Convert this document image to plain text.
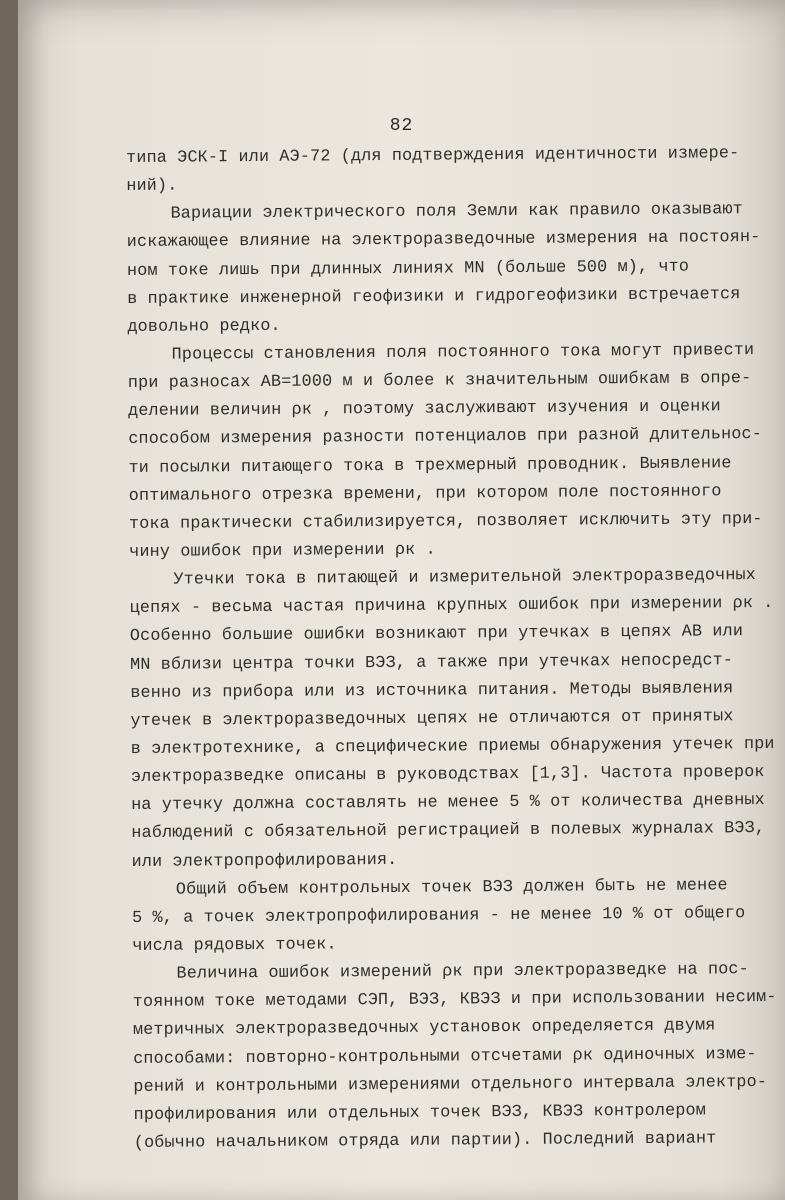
82
типа ЭСК-I или АЭ-72 (для подтверждения идентичности измере-
ний).
Вариации электрического поля Земли как правило оказывают
искажающее влияние на электроразведочные измерения на постоян-
ном токе лишь при длинных линиях MN (больше 500 м), что
в практике инженерной геофизики и гидрогеофизики встречается
довольно редко.
Процессы становления поля постоянного тока могут привести
при разносах АВ=1000 м и более к значительным ошибкам в опре-
делении величин ρк , поэтому заслуживают изучения и оценки
способом измерения разности потенциалов при разной длительнос-
ти посылки питающего тока в трехмерный проводник. Выявление
оптимального отрезка времени, при котором поле постоянного
тока практически стабилизируется, позволяет исключить эту при-
чину ошибок при измерении ρк .
Утечки тока в питающей и измерительной электроразведочных
цепях - весьма частая причина крупных ошибок при измерении ρк .
Особенно большие ошибки возникают при утечках в цепях АВ или
MN вблизи центра точки ВЭЗ, а также при утечках непосредст-
венно из прибора или из источника питания. Методы выявления
утечек в электроразведочных цепях не отличаются от принятых
в электротехнике, а специфические приемы обнаружения утечек при
электроразведке описаны в руководствах [1,3]. Частота проверок
на утечку должна составлять не менее 5 % от количества дневных
наблюдений с обязательной регистрацией в полевых журналах ВЭЗ,
или электропрофилирования.
Общий объем контрольных точек ВЭЗ должен быть не менее
5 %, а точек электропрофилирования - не менее 10 % от общего
числа рядовых точек.
Величина ошибок измерений ρк при электроразведке на пос-
тоянном токе методами СЭП, ВЭЗ, КВЭЗ и при использовании несим-
метричных электроразведочных установок определяется двумя
способами: повторно-контрольными отсчетами ρк одиночных изме-
рений и контрольными измерениями отдельного интервала электро-
профилирования или отдельных точек ВЭЗ, КВЭЗ контролером
(обычно начальником отряда или партии). Последний вариант
